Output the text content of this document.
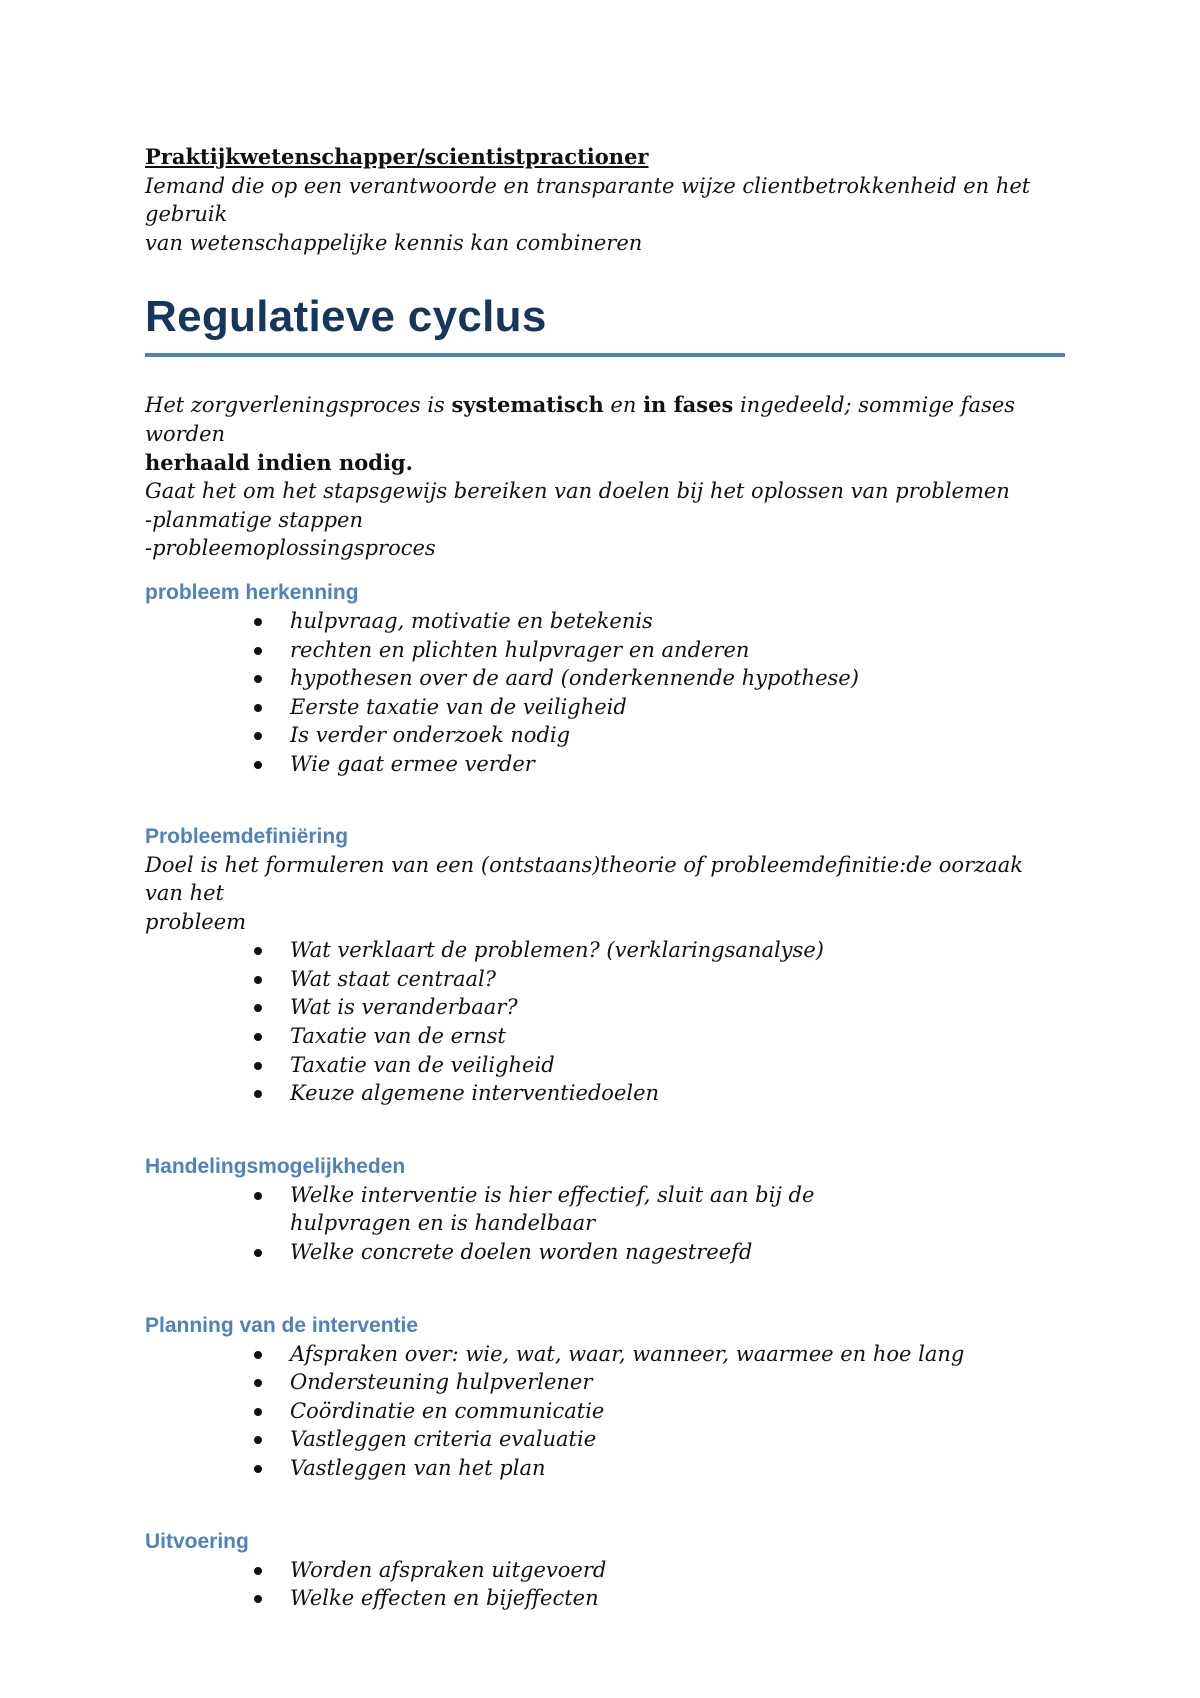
Praktijkwetenschapper/scientistpractioner

Iemand die op een verantwoorde en transparante wijze clientbetrokkenheid en het gebruik

van wetenschappelijke kennis kan combineren

Regulatieve cyclus

Het zorgverleningsproces is systematisch en in fases ingedeeld; sommige fases worden

herhaald indien nodig.

Gaat het om het stapsgewijs bereiken van doelen bij het oplossen van problemen

-planmatige stappen

-probleemoplossingsproces

probleem herkenning
hulpvraag, motivatie en betekenis
rechten en plichten hulpvrager en anderen
hypothesen over de aard (onderkennende hypothese)
Eerste taxatie van de veiligheid
Is verder onderzoek nodig
Wie gaat ermee verder
Probleemdefiniëring

Doel is het formuleren van een (ontstaans)theorie of probleemdefinitie:de oorzaak van het

probleem

Wat verklaart de problemen? (verklaringsanalyse)
Wat staat centraal?
Wat is veranderbaar?
Taxatie van de ernst
Taxatie van de veiligheid
Keuze algemene interventiedoelen
Handelingsmogelijkheden
Welke interventie is hier effectief, sluit aan bij de hulpvragen en is handelbaar
Welke concrete doelen worden nagestreefd
Planning van de interventie
Afspraken over: wie, wat, waar, wanneer, waarmee en hoe lang
Ondersteuning hulpverlener
Coördinatie en communicatie
Vastleggen criteria evaluatie
Vastleggen van het plan
Uitvoering
Worden afspraken uitgevoerd
Welke effecten en bijeffecten
